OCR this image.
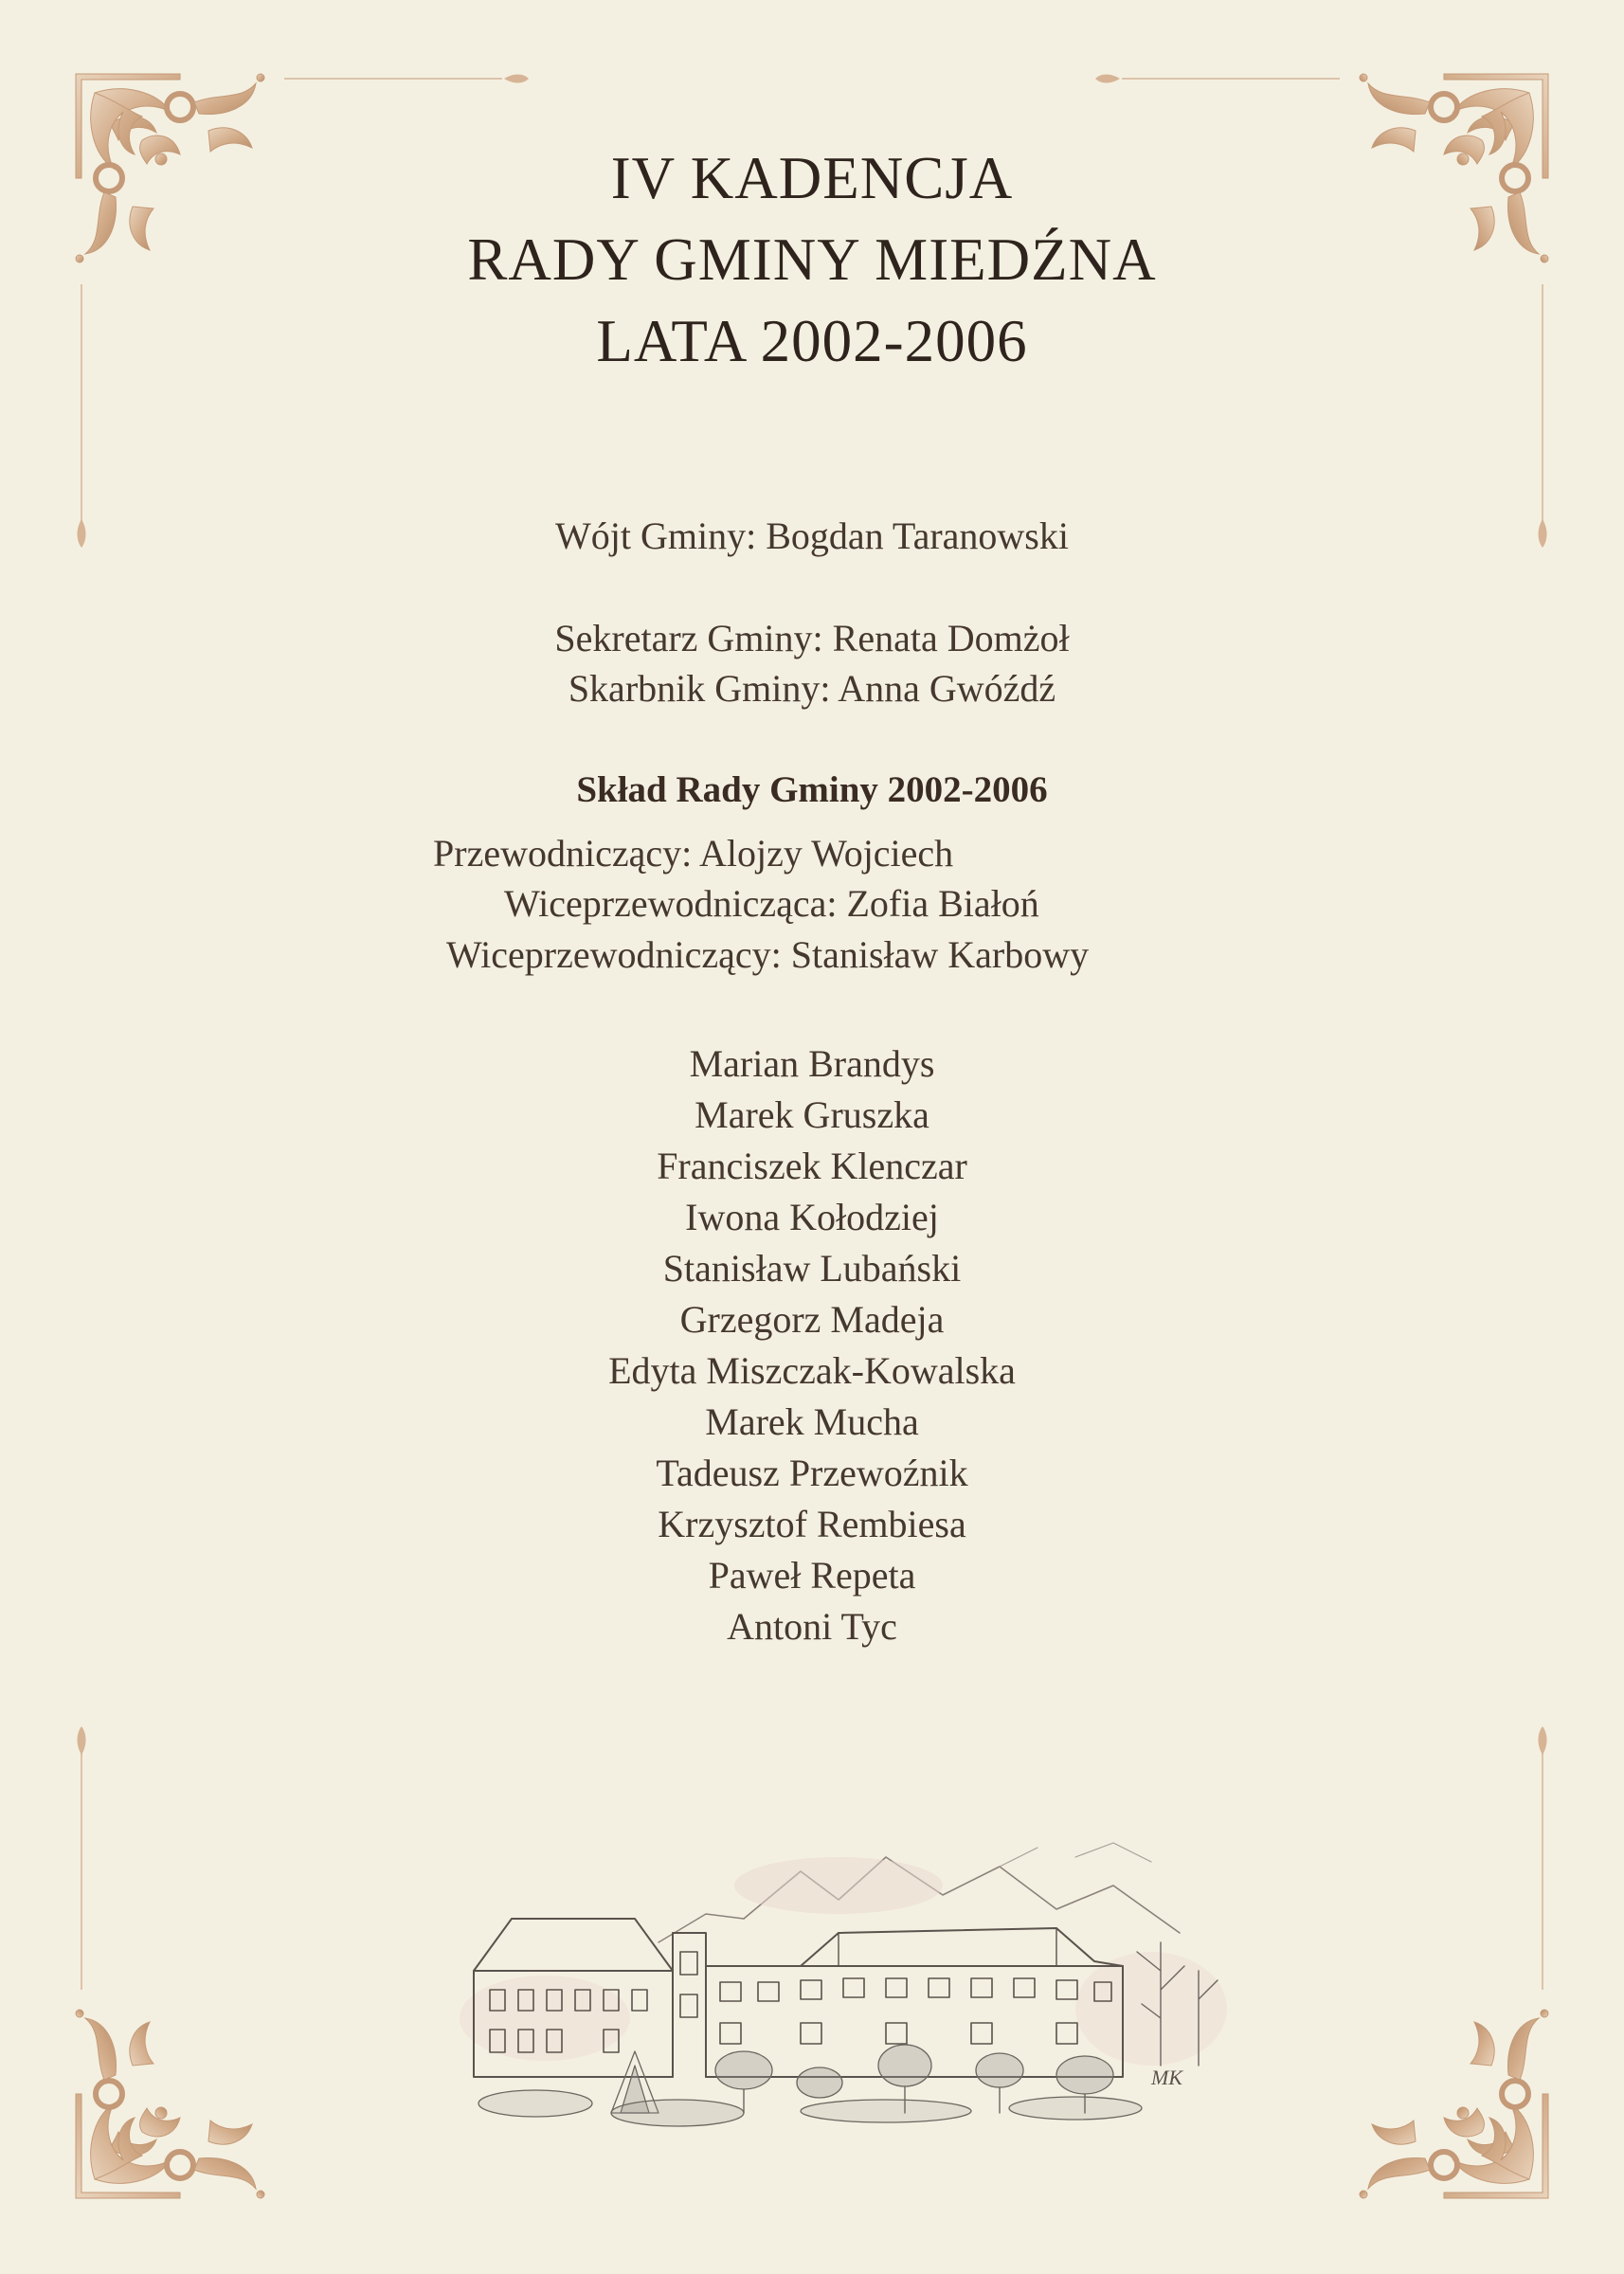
IV KADENCJA
RADY GMINY MIEDŹNA
LATA 2002-2006
Wójt Gminy: Bogdan Taranowski
Sekretarz Gminy: Renata Domżoł
Skarbnik Gminy: Anna Gwóźdź
Skład Rady Gminy 2002-2006
Przewodniczący: Alojzy Wojciech
Wiceprzewodnicząca: Zofia Białoń
Wiceprzewodniczący: Stanisław Karbowy
Marian Brandys
Marek Gruszka
Franciszek Klenczar
Iwona Kołodziej
Stanisław Lubański
Grzegorz Madeja
Edyta Miszczak-Kowalska
Marek Mucha
Tadeusz Przewoźnik
Krzysztof Rembiesa
Paweł Repeta
Antoni Tyc
MK
